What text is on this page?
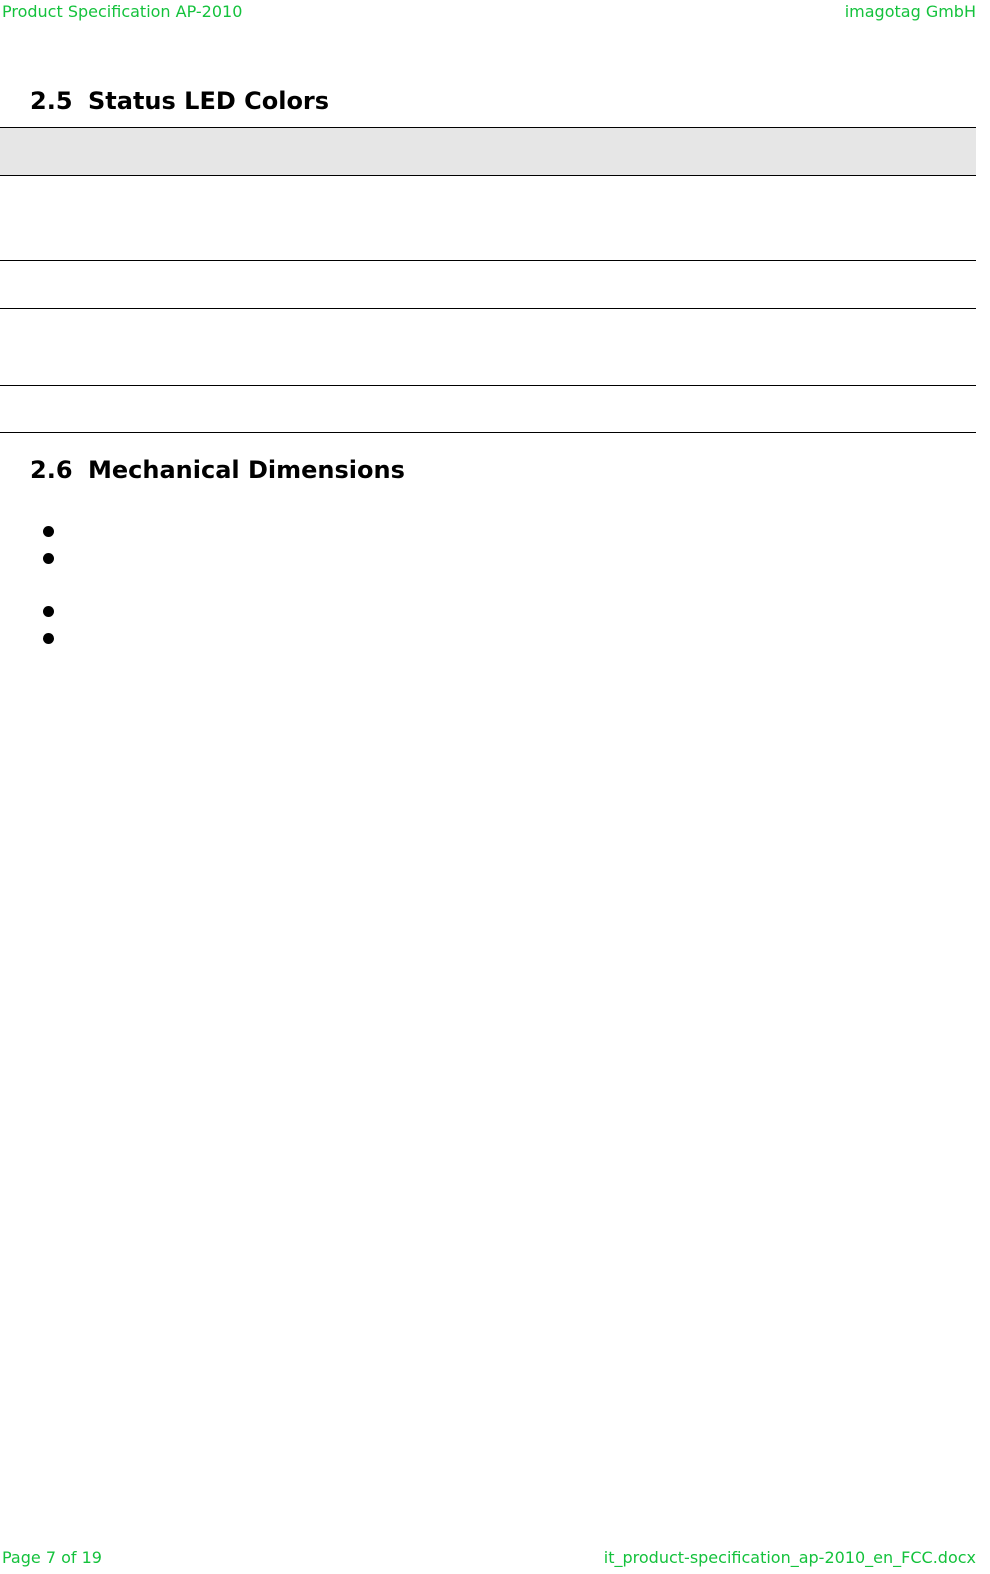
Product Specification AP-2010	imagotag GmbH
2.5 Status LED Colors

2.6 Mechanical Dimensions
Page 7 of 19	it_product-specification_ap-2010_en_FCC.docx
